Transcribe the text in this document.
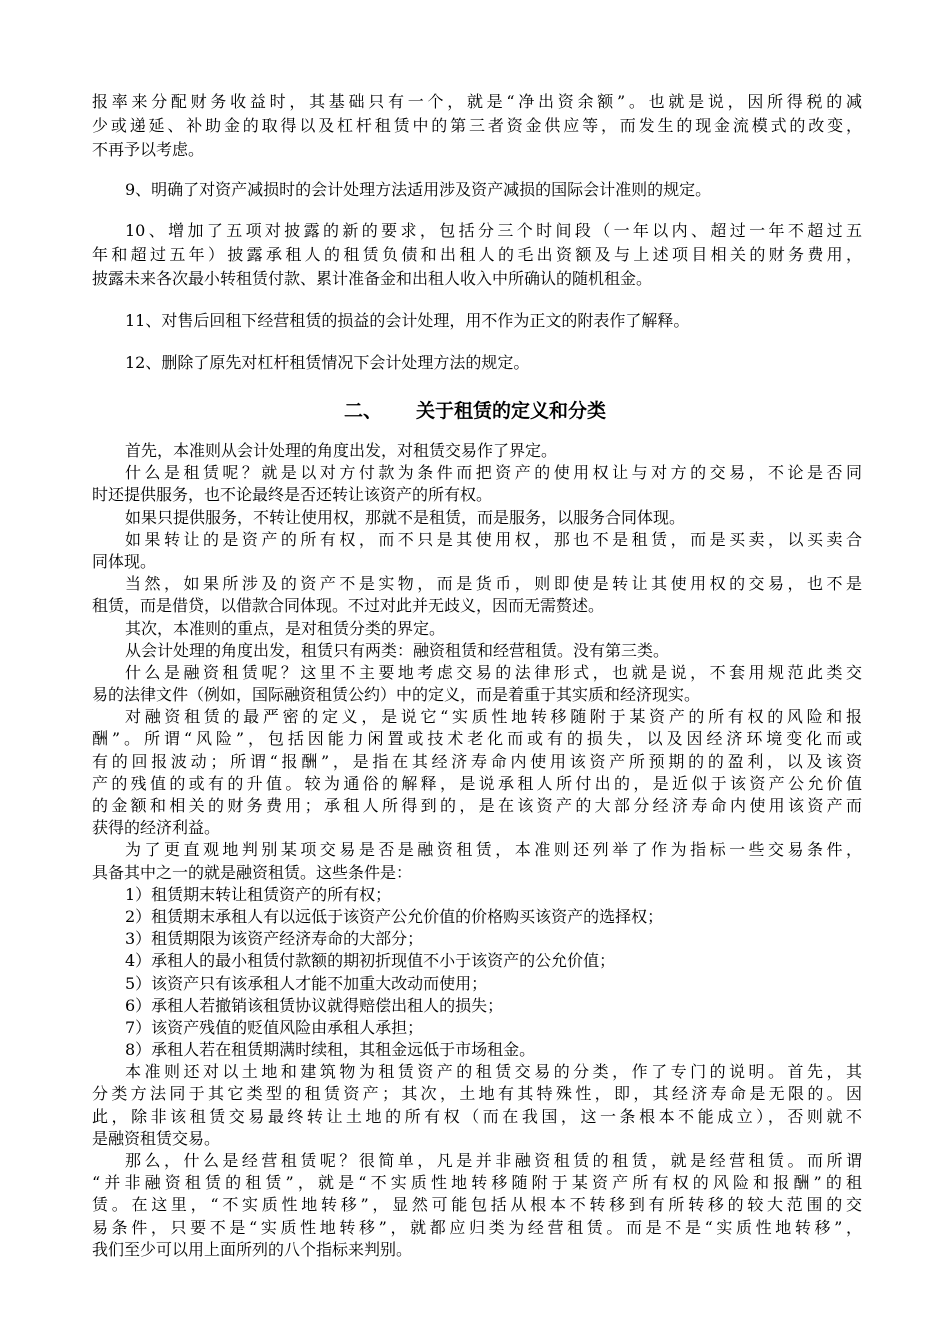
报率来分配财务收益时，其基础只有一个，就是“净出资余额”。也就是说，因所得税的减
少或递延、补助金的取得以及杠杆租赁中的第三者资金供应等，而发生的现金流模式的改变，
不再予以考虑。
9、明确了对资产减损时的会计处理方法适用涉及资产减损的国际会计准则的规定。
10、增加了五项对披露的新的要求，包括分三个时间段（一年以内、超过一年不超过五
年和超过五年）披露承租人的租赁负债和出租人的毛出资额及与上述项目相关的财务费用，
披露未来各次最小转租赁付款、累计准备金和出租人收入中所确认的随机租金。
11、对售后回租下经营租赁的损益的会计处理，用不作为正文的附表作了解释。
12、删除了原先对杠杆租赁情况下会计处理方法的规定。
二、 关于租赁的定义和分类
首先，本准则从会计处理的角度出发，对租赁交易作了界定。
什么是租赁呢？就是以对方付款为条件而把资产的使用权让与对方的交易，不论是否同
时还提供服务，也不论最终是否还转让该资产的所有权。
如果只提供服务，不转让使用权，那就不是租赁，而是服务，以服务合同体现。
如果转让的是资产的所有权，而不只是其使用权，那也不是租赁，而是买卖，以买卖合
同体现。
当然，如果所涉及的资产不是实物，而是货币，则即使是转让其使用权的交易，也不是
租赁，而是借贷，以借款合同体现。不过对此并无歧义，因而无需赘述。
其次，本准则的重点，是对租赁分类的界定。
从会计处理的角度出发，租赁只有两类：融资租赁和经营租赁。没有第三类。
什么是融资租赁呢？这里不主要地考虑交易的法律形式，也就是说，不套用规范此类交
易的法律文件（例如，国际融资租赁公约）中的定义，而是着重于其实质和经济现实。
对融资租赁的最严密的定义，是说它“实质性地转移随附于某资产的所有权的风险和报
酬”。所谓“风险”，包括因能力闲置或技术老化而或有的损失，以及因经济环境变化而或
有的回报波动；所谓“报酬”，是指在其经济寿命内使用该资产所预期的的盈利，以及该资
产的残值的或有的升值。较为通俗的解释，是说承租人所付出的，是近似于该资产公允价值
的金额和相关的财务费用；承租人所得到的，是在该资产的大部分经济寿命内使用该资产而
获得的经济利益。
为了更直观地判别某项交易是否是融资租赁，本准则还列举了作为指标一些交易条件，
具备其中之一的就是融资租赁。这些条件是：
1）租赁期末转让租赁资产的所有权；
2）租赁期末承租人有以远低于该资产公允价值的价格购买该资产的选择权；
3）租赁期限为该资产经济寿命的大部分；
4）承租人的最小租赁付款额的期初折现值不小于该资产的公允价值；
5）该资产只有该承租人才能不加重大改动而使用；
6）承租人若撤销该租赁协议就得赔偿出租人的损失；
7）该资产残值的贬值风险由承租人承担；
8）承租人若在租赁期满时续租，其租金远低于市场租金。
本准则还对以土地和建筑物为租赁资产的租赁交易的分类，作了专门的说明。首先，其
分类方法同于其它类型的租赁资产；其次，土地有其特殊性，即，其经济寿命是无限的。因
此，除非该租赁交易最终转让土地的所有权（而在我国，这一条根本不能成立），否则就不
是融资租赁交易。
那么，什么是经营租赁呢？很简单，凡是并非融资租赁的租赁，就是经营租赁。而所谓
“并非融资租赁的租赁”，就是“不实质性地转移随附于某资产所有权的风险和报酬”的租
赁。在这里，“不实质性地转移”，显然可能包括从根本不转移到有所转移的较大范围的交
易条件，只要不是“实质性地转移”，就都应归类为经营租赁。而是不是“实质性地转移”，
我们至少可以用上面所列的八个指标来判别。
